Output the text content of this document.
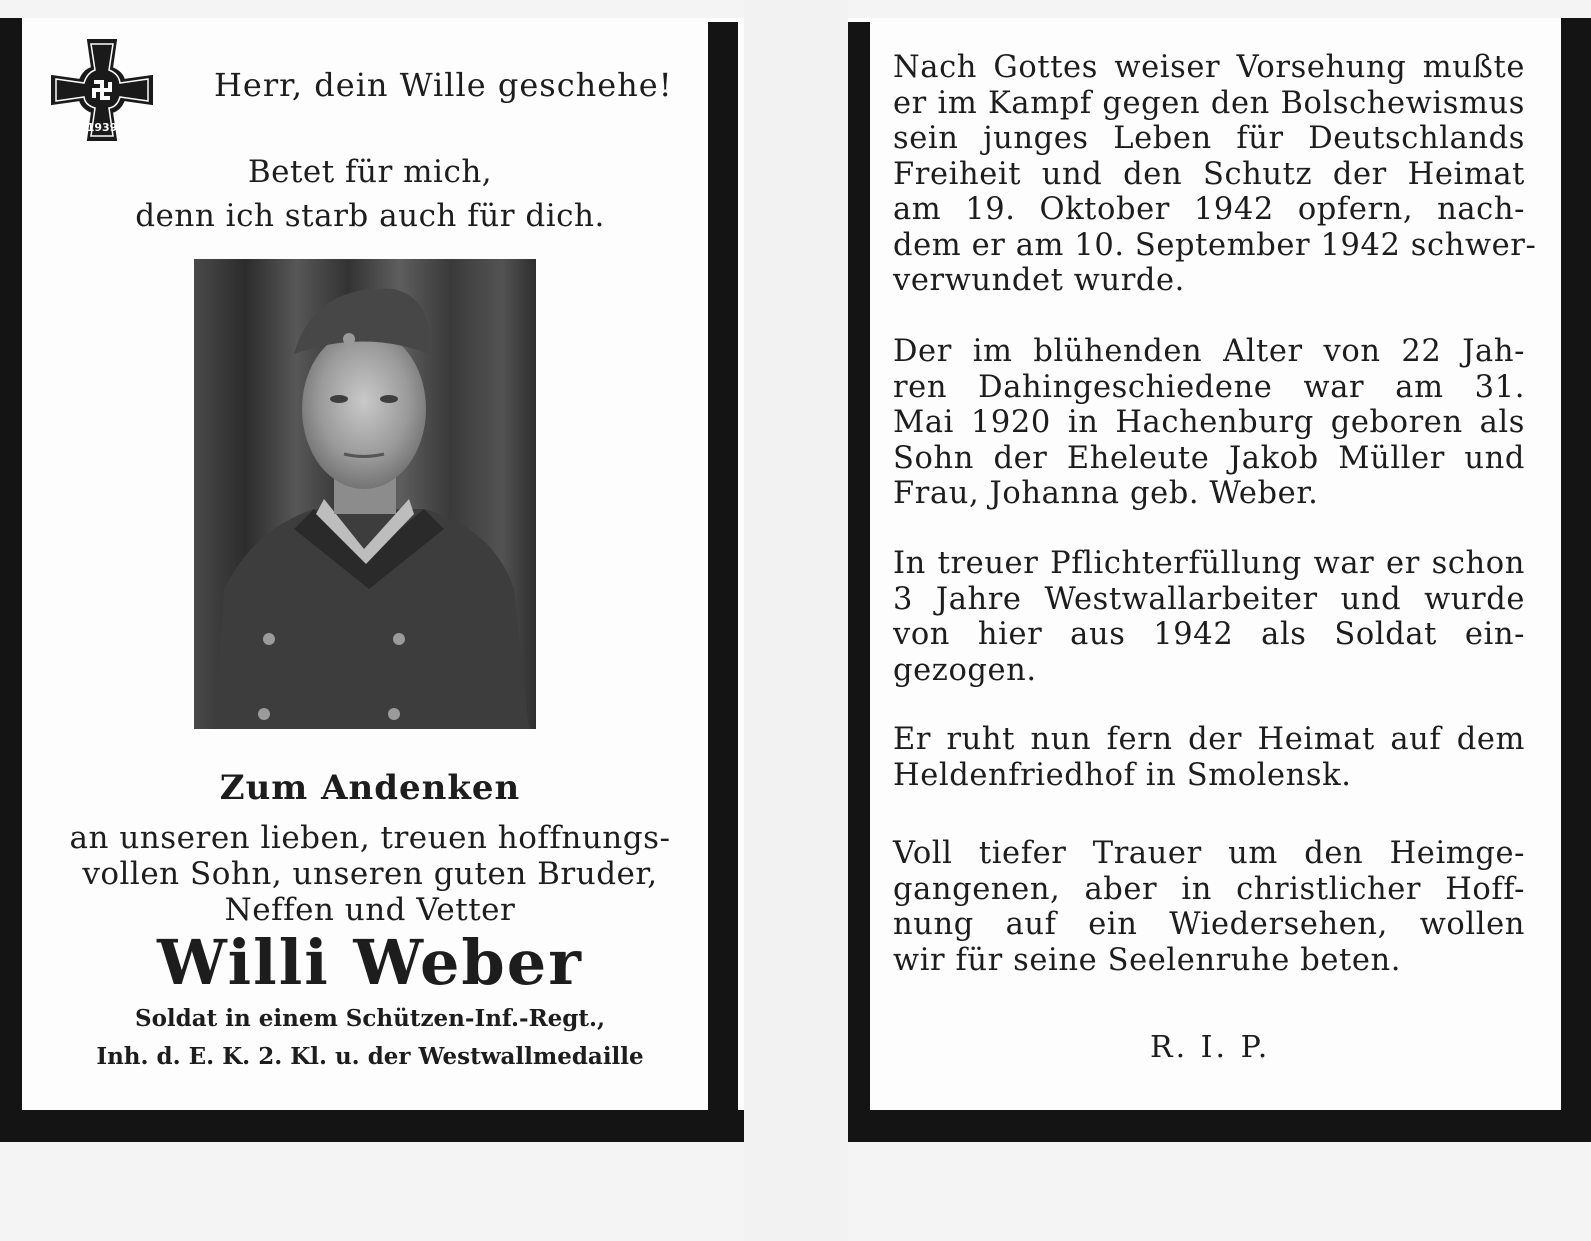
1939

Herr, dein Wille geschehe!

Betet für mich,
denn ich starb auch für dich.

Zum Andenken

an unseren lieben, treuen hoffnungs-
vollen Sohn, unseren guten Bruder,
Neffen und Vetter

Willi Weber

Soldat in einem Schützen-Inf.-Regt.,
Inh. d. E. K. 2. Kl. u. der Westwallmedaille
Nach Gottes weiser Vorsehung mußte
er im Kampf gegen den Bolschewismus
sein junges Leben für Deutschlands
Freiheit und den Schutz der Heimat
am 19. Oktober 1942 opfern, nach-
dem er am 10. September 1942 schwer-
verwundet wurde.
Der im blühenden Alter von 22 Jah-
ren Dahingeschiedene war am 31.
Mai 1920 in Hachenburg geboren als
Sohn der Eheleute Jakob Müller und
Frau, Johanna geb. Weber.
In treuer Pflichterfüllung war er schon
3 Jahre Westwallarbeiter und wurde
von hier aus 1942 als Soldat ein-
gezogen.
Er ruht nun fern der Heimat auf dem
Heldenfriedhof in Smolensk.
Voll tiefer Trauer um den Heimge-
gangenen, aber in christlicher Hoff-
nung auf ein Wiedersehen, wollen
wir für seine Seelenruhe beten.

R. I. P.
